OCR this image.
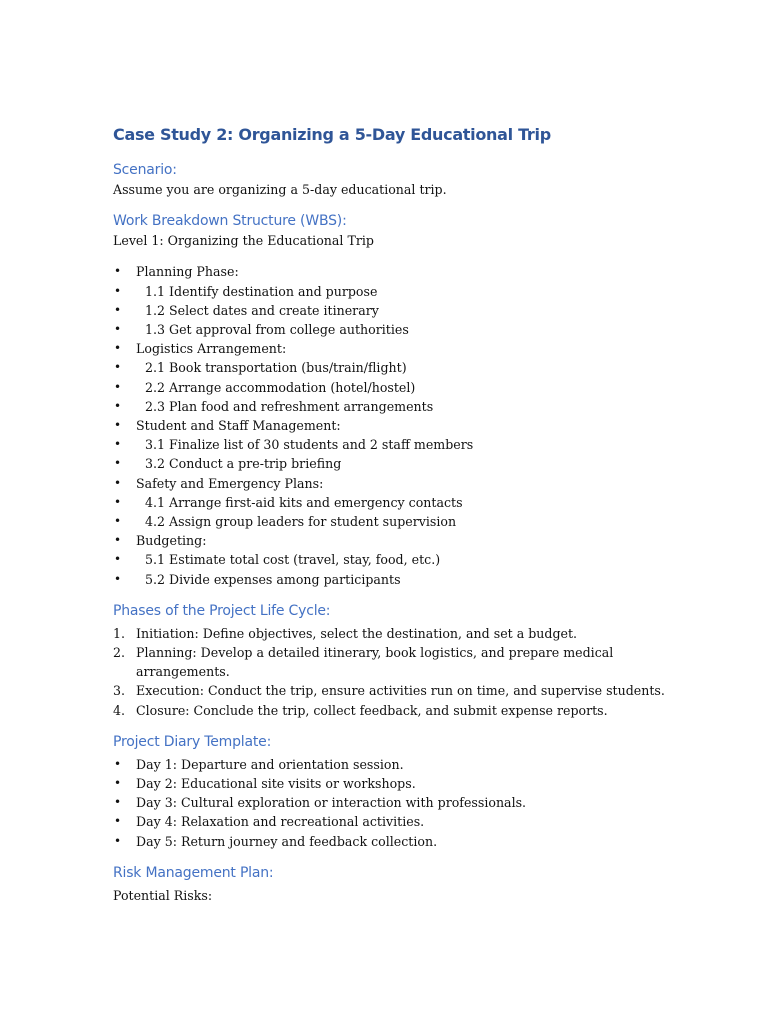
Case Study 2: Organizing a 5-Day Educational Trip
Scenario:
Assume you are organizing a 5-day educational trip.
Work Breakdown Structure (WBS):
Level 1: Organizing the Educational Trip
• Planning Phase:
• 1.1 Identify destination and purpose
• 1.2 Select dates and create itinerary
• 1.3 Get approval from college authorities
• Logistics Arrangement:
• 2.1 Book transportation (bus/train/flight)
• 2.2 Arrange accommodation (hotel/hostel)
• 2.3 Plan food and refreshment arrangements
• Student and Staff Management:
• 3.1 Finalize list of 30 students and 2 staff members
• 3.2 Conduct a pre-trip briefing
• Safety and Emergency Plans:
• 4.1 Arrange first-aid kits and emergency contacts
• 4.2 Assign group leaders for student supervision
• Budgeting:
• 5.1 Estimate total cost (travel, stay, food, etc.)
• 5.2 Divide expenses among participants
Phases of the Project Life Cycle:
1. Initiation: Define objectives, select the destination, and set a budget.
2. Planning: Develop a detailed itinerary, book logistics, and prepare medical arrangements.
3. Execution: Conduct the trip, ensure activities run on time, and supervise students.
4. Closure: Conclude the trip, collect feedback, and submit expense reports.
Project Diary Template:
• Day 1: Departure and orientation session.
• Day 2: Educational site visits or workshops.
• Day 3: Cultural exploration or interaction with professionals.
• Day 4: Relaxation and recreational activities.
• Day 5: Return journey and feedback collection.
Risk Management Plan:
Potential Risks:
